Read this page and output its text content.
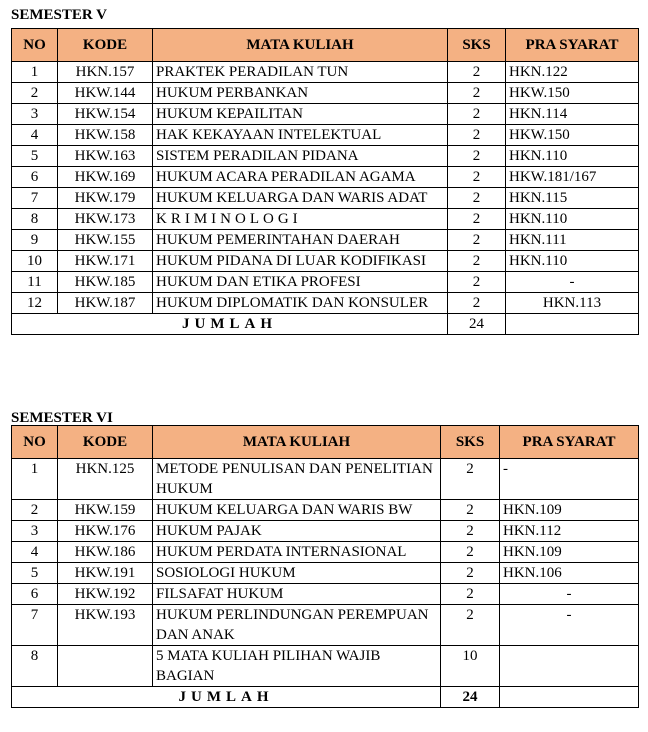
SEMESTER V
NO	KODE	MATA KULIAH	SKS	PRA SYARAT
1	HKN.157	PRAKTEK PERADILAN TUN	2	HKN.122
2	HKW.144	HUKUM PERBANKAN	2	HKW.150
3	HKW.154	HUKUM KEPAILITAN	2	HKN.114
4	HKW.158	HAK KEKAYAAN INTELEKTUAL	2	HKW.150
5	HKW.163	SISTEM PERADILAN PIDANA	2	HKN.110
6	HKW.169	HUKUM ACARA PERADILAN AGAMA	2	HKW.181/167
7	HKW.179	HUKUM KELUARGA DAN WARIS ADAT	2	HKN.115
8	HKW.173	KRIMINOLOGI	2	HKN.110
9	HKW.155	HUKUM PEMERINTAHAN DAERAH	2	HKN.111
10	HKW.171	HUKUM PIDANA DI LUAR KODIFIKASI	2	HKN.110
11	HKW.185	HUKUM DAN ETIKA PROFESI	2	-
12	HKW.187	HUKUM DIPLOMATIK DAN KONSULER	2	HKN.113
JUMLAH			24	
SEMESTER VI
NO	KODE	MATA KULIAH	SKS	PRA SYARAT
1	HKN.125	METODE PENULISAN DAN PENELITIAN HUKUM	2	-
2	HKW.159	HUKUM KELUARGA DAN WARIS BW	2	HKN.109
3	HKW.176	HUKUM PAJAK	2	HKN.112
4	HKW.186	HUKUM PERDATA INTERNASIONAL	2	HKN.109
5	HKW.191	SOSIOLOGI HUKUM	2	HKN.106
6	HKW.192	FILSAFAT HUKUM	2	-
7	HKW.193	HUKUM PERLINDUNGAN PEREMPUAN DAN ANAK	2	-
8		5 MATA KULIAH PILIHAN WAJIB BAGIAN	10	
JUMLAH			24	
